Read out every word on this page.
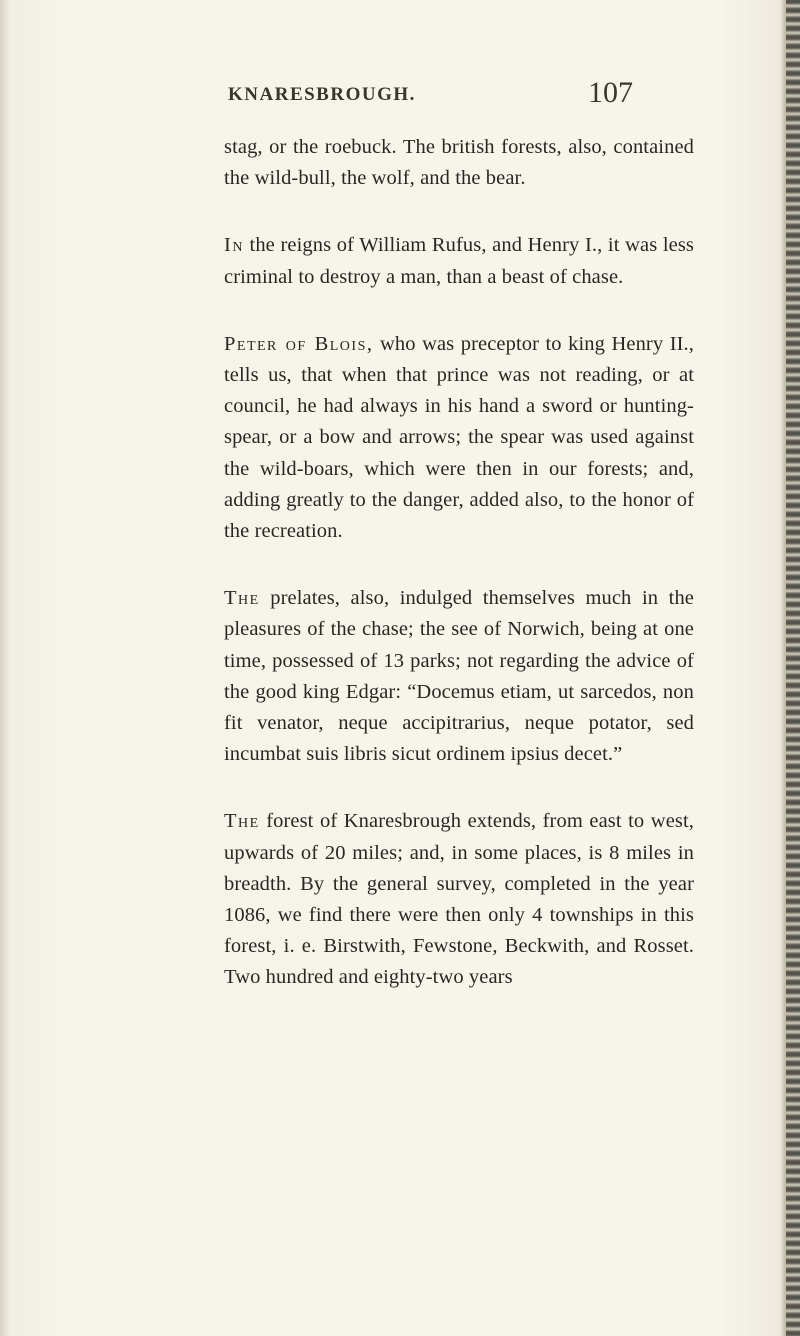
KNARESBROUGH.	107

stag, or the roebuck. The british forests, also, contained the wild-bull, the wolf, and the bear.

In the reigns of William Rufus, and Henry I., it was less criminal to destroy a man, than a beast of chase.

Peter of Blois, who was preceptor to king Henry II., tells us, that when that prince was not reading, or at council, he had always in his hand a sword or hunting-spear, or a bow and arrows; the spear was used against the wild-boars, which were then in our forests; and, adding greatly to the danger, added also, to the honor of the recreation.

The prelates, also, indulged themselves much in the pleasures of the chase; the see of Norwich, being at one time, possessed of 13 parks; not regarding the advice of the good king Edgar: “Docemus etiam, ut sarcedos, non fit venator, neque accipitrarius, neque potator, sed incumbat suis libris sicut ordinem ipsius decet.”

The forest of Knaresbrough extends, from east to west, upwards of 20 miles; and, in some places, is 8 miles in breadth. By the general survey, completed in the year 1086, we find there were then only 4 townships in this forest, i. e. Birstwith, Fewstone, Beckwith, and Rosset. Two hundred and eighty-two years
